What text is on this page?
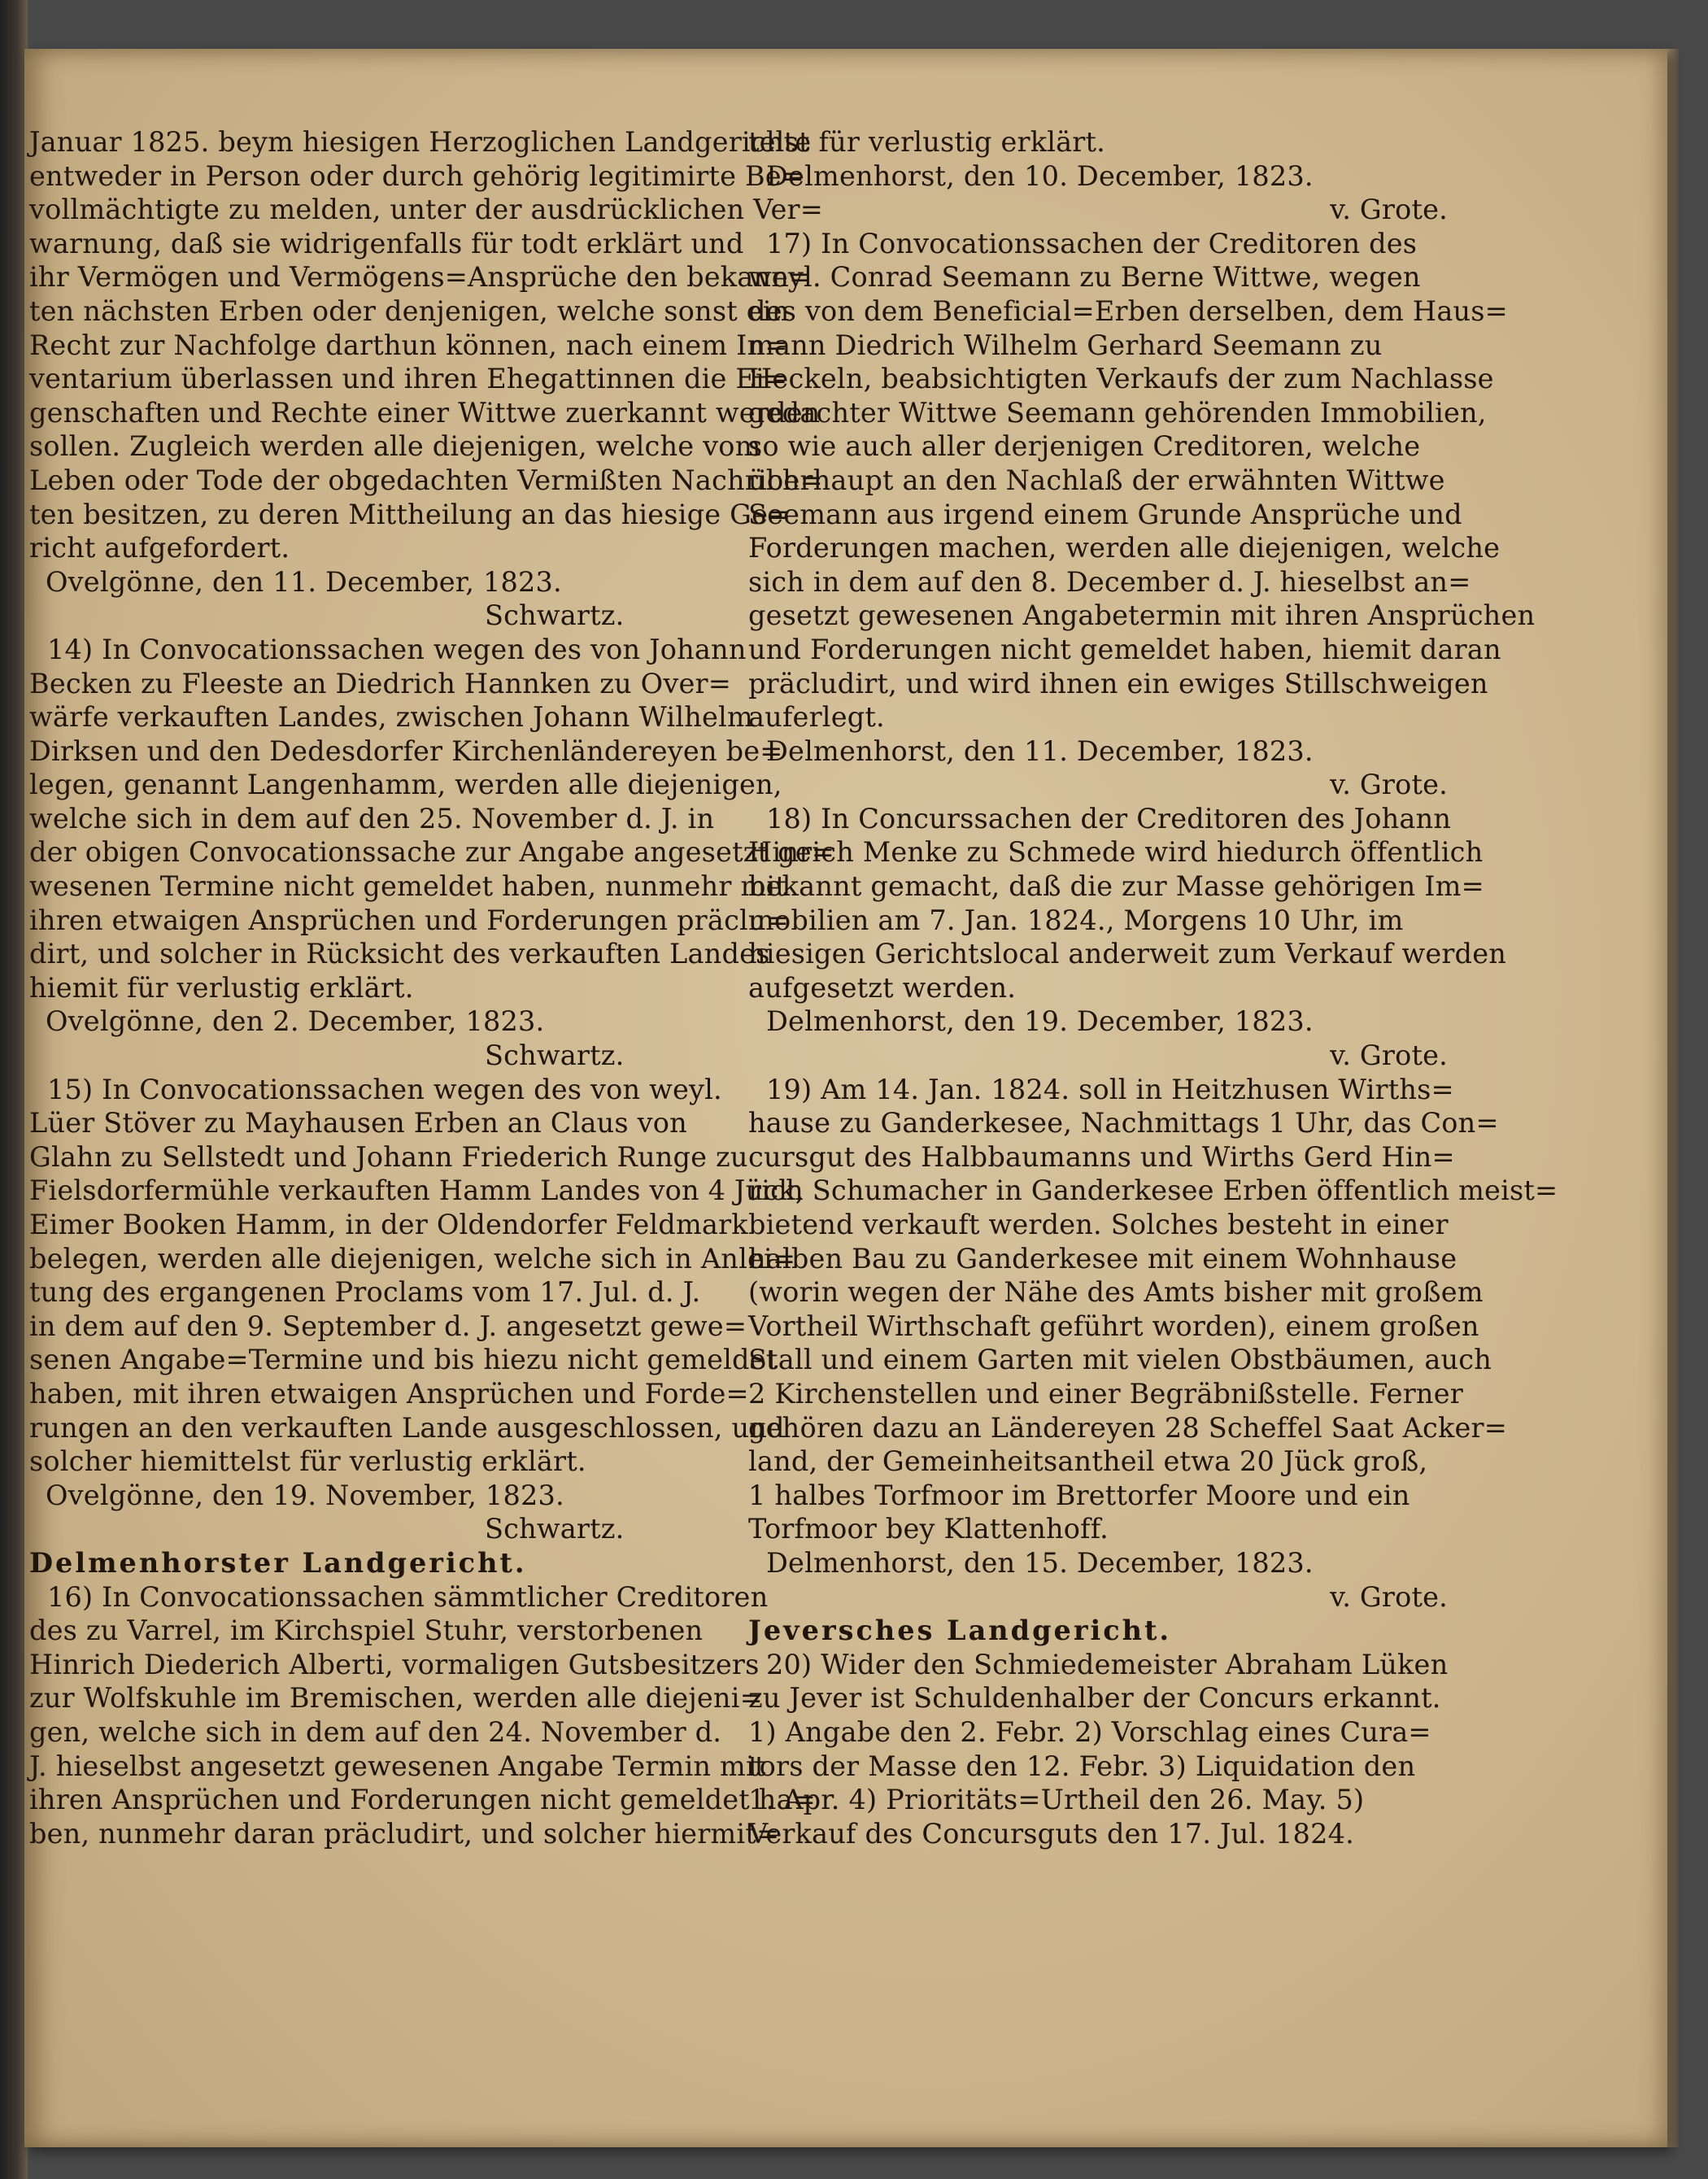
Januar 1825. beym hiesigen Herzoglichen Landgerichte
entweder in Person oder durch gehörig legitimirte Be=
vollmächtigte zu melden, unter der ausdrücklichen Ver=
warnung, daß sie widrigenfalls für todt erklärt und
ihr Vermögen und Vermögens=Ansprüche den bekann=
ten nächsten Erben oder denjenigen, welche sonst ein
Recht zur Nachfolge darthun können, nach einem In=
ventarium überlassen und ihren Ehegattinnen die Ei=
genschaften und Rechte einer Wittwe zuerkannt werden
sollen. Zugleich werden alle diejenigen, welche vom
Leben oder Tode der obgedachten Vermißten Nachrich=
ten besitzen, zu deren Mittheilung an das hiesige Ge=
richt aufgefordert.
Ovelgönne, den 11. December, 1823.
Schwartz.
14) In Convocationssachen wegen des von Johann
Becken zu Fleeste an Diedrich Hannken zu Over=
wärfe verkauften Landes, zwischen Johann Wilhelm
Dirksen und den Dedesdorfer Kirchenländereyen be=
legen, genannt Langenhamm, werden alle diejenigen,
welche sich in dem auf den 25. November d. J. in
der obigen Convocationssache zur Angabe angesetzt ge=
wesenen Termine nicht gemeldet haben, nunmehr mit
ihren etwaigen Ansprüchen und Forderungen präclu=
dirt, und solcher in Rücksicht des verkauften Landes
hiemit für verlustig erklärt.
Ovelgönne, den 2. December, 1823.
Schwartz.
15) In Convocationssachen wegen des von weyl.
Lüer Stöver zu Mayhausen Erben an Claus von
Glahn zu Sellstedt und Johann Friederich Runge zu
Fielsdorfermühle verkauften Hamm Landes von 4 Jück,
Eimer Booken Hamm, in der Oldendorfer Feldmark
belegen, werden alle diejenigen, welche sich in Anlei=
tung des ergangenen Proclams vom 17. Jul. d. J.
in dem auf den 9. September d. J. angesetzt gewe=
senen Angabe=Termine und bis hiezu nicht gemeldet
haben, mit ihren etwaigen Ansprüchen und Forde=
rungen an den verkauften Lande ausgeschlossen, und
solcher hiemittelst für verlustig erklärt.
Ovelgönne, den 19. November, 1823.
Schwartz.
Delmenhorster Landgericht.
16) In Convocationssachen sämmtlicher Creditoren
des zu Varrel, im Kirchspiel Stuhr, verstorbenen
Hinrich Diederich Alberti, vormaligen Gutsbesitzers
zur Wolfskuhle im Bremischen, werden alle diejeni=
gen, welche sich in dem auf den 24. November d.
J. hieselbst angesetzt gewesenen Angabe Termin mit
ihren Ansprüchen und Forderungen nicht gemeldet ha=
ben, nunmehr daran präcludirt, und solcher hiermit=
telst für verlustig erklärt.
Delmenhorst, den 10. December, 1823.
v. Grote.
17) In Convocationssachen der Creditoren des
weyl. Conrad Seemann zu Berne Wittwe, wegen
des von dem Beneficial=Erben derselben, dem Haus=
mann Diedrich Wilhelm Gerhard Seemann zu
Heckeln, beabsichtigten Verkaufs der zum Nachlasse
gedachter Wittwe Seemann gehörenden Immobilien,
so wie auch aller derjenigen Creditoren, welche
überhaupt an den Nachlaß der erwähnten Wittwe
Seemann aus irgend einem Grunde Ansprüche und
Forderungen machen, werden alle diejenigen, welche
sich in dem auf den 8. December d. J. hieselbst an=
gesetzt gewesenen Angabetermin mit ihren Ansprüchen
und Forderungen nicht gemeldet haben, hiemit daran
präcludirt, und wird ihnen ein ewiges Stillschweigen
auferlegt.
Delmenhorst, den 11. December, 1823.
v. Grote.
18) In Concurssachen der Creditoren des Johann
Hinrich Menke zu Schmede wird hiedurch öffentlich
bekannt gemacht, daß die zur Masse gehörigen Im=
mobilien am 7. Jan. 1824., Morgens 10 Uhr, im
hiesigen Gerichtslocal anderweit zum Verkauf werden
aufgesetzt werden.
Delmenhorst, den 19. December, 1823.
v. Grote.
19) Am 14. Jan. 1824. soll in Heitzhusen Wirths=
hause zu Ganderkesee, Nachmittags 1 Uhr, das Con=
cursgut des Halbbaumanns und Wirths Gerd Hin=
rich Schumacher in Ganderkesee Erben öffentlich meist=
bietend verkauft werden. Solches besteht in einer
halben Bau zu Ganderkesee mit einem Wohnhause
(worin wegen der Nähe des Amts bisher mit großem
Vortheil Wirthschaft geführt worden), einem großen
Stall und einem Garten mit vielen Obstbäumen, auch
2 Kirchenstellen und einer Begräbnißstelle. Ferner
gehören dazu an Ländereyen 28 Scheffel Saat Acker=
land, der Gemeinheitsantheil etwa 20 Jück groß,
1 halbes Torfmoor im Brettorfer Moore und ein
Torfmoor bey Klattenhoff.
Delmenhorst, den 15. December, 1823.
v. Grote.
Jeversches Landgericht.
20) Wider den Schmiedemeister Abraham Lüken
zu Jever ist Schuldenhalber der Concurs erkannt.
1) Angabe den 2. Febr. 2) Vorschlag eines Cura=
tors der Masse den 12. Febr. 3) Liquidation den
1. Apr. 4) Prioritäts=Urtheil den 26. May. 5)
Verkauf des Concursguts den 17. Jul. 1824.
